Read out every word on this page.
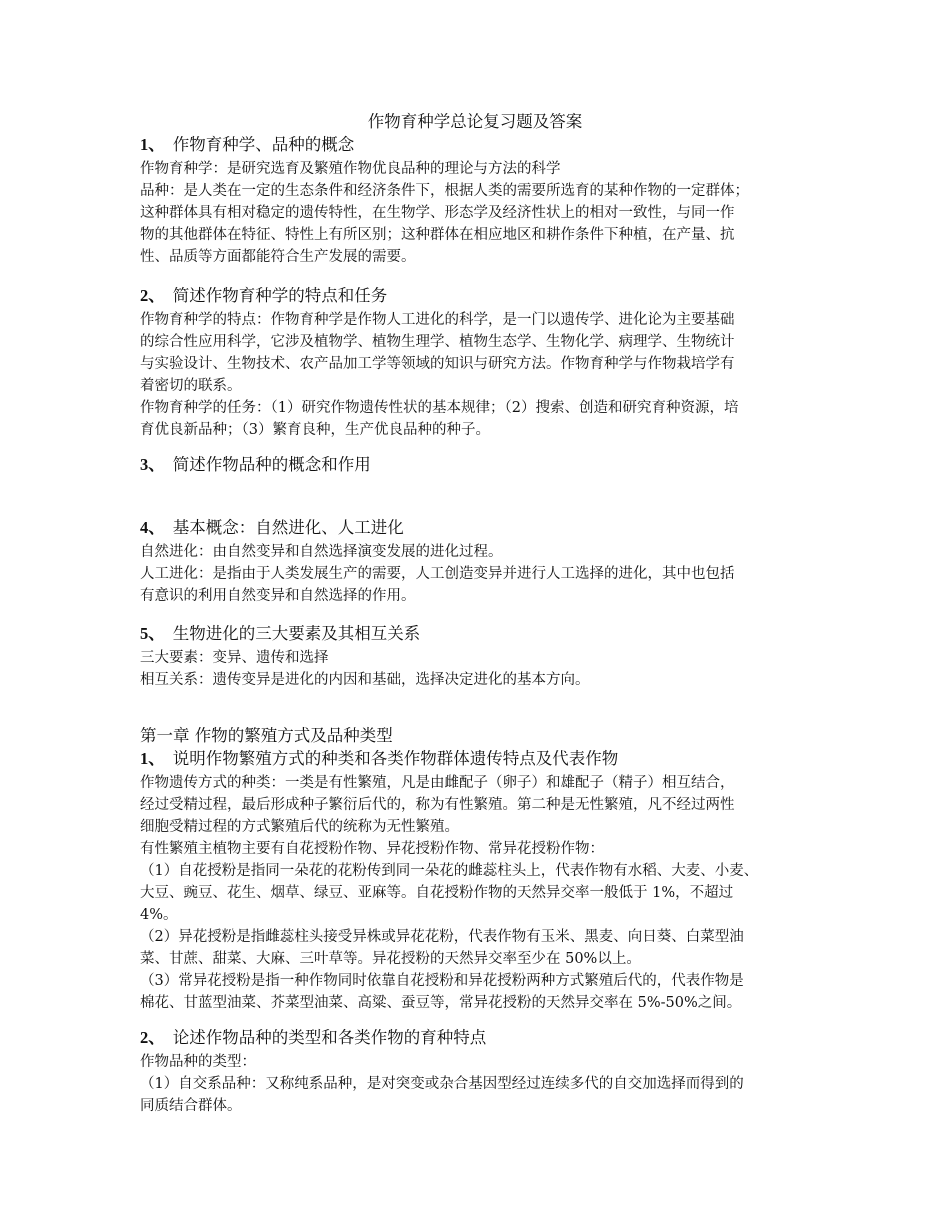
作物育种学总论复习题及答案
1、 作物育种学、品种的概念
作物育种学：是研究选育及繁殖作物优良品种的理论与方法的科学
品种：是人类在一定的生态条件和经济条件下，根据人类的需要所选育的某种作物的一定群体；
这种群体具有相对稳定的遗传特性，在生物学、形态学及经济性状上的相对一致性，与同一作
物的其他群体在特征、特性上有所区别；这种群体在相应地区和耕作条件下种植，在产量、抗
性、品质等方面都能符合生产发展的需要。
2、 简述作物育种学的特点和任务
作物育种学的特点：作物育种学是作物人工进化的科学，是一门以遗传学、进化论为主要基础
的综合性应用科学，它涉及植物学、植物生理学、植物生态学、生物化学、病理学、生物统计
与实验设计、生物技术、农产品加工学等领域的知识与研究方法。作物育种学与作物栽培学有
着密切的联系。
作物育种学的任务：（1）研究作物遗传性状的基本规律；（2）搜索、创造和研究育种资源，培
育优良新品种；（3）繁育良种，生产优良品种的种子。
3、 简述作物品种的概念和作用
4、 基本概念：自然进化、人工进化
自然进化：由自然变异和自然选择演变发展的进化过程。
人工进化：是指由于人类发展生产的需要，人工创造变异并进行人工选择的进化，其中也包括
有意识的利用自然变异和自然选择的作用。
5、 生物进化的三大要素及其相互关系
三大要素：变异、遗传和选择
相互关系：遗传变异是进化的内因和基础，选择决定进化的基本方向。
第一章 作物的繁殖方式及品种类型
1、 说明作物繁殖方式的种类和各类作物群体遗传特点及代表作物
作物遗传方式的种类：一类是有性繁殖，凡是由雌配子（卵子）和雄配子（精子）相互结合，
经过受精过程，最后形成种子繁衍后代的，称为有性繁殖。第二种是无性繁殖，凡不经过两性
细胞受精过程的方式繁殖后代的统称为无性繁殖。
有性繁殖主植物主要有自花授粉作物、异花授粉作物、常异花授粉作物：
（1）自花授粉是指同一朵花的花粉传到同一朵花的雌蕊柱头上，代表作物有水稻、大麦、小麦、
大豆、豌豆、花生、烟草、绿豆、亚麻等。自花授粉作物的天然异交率一般低于 1%，不超过
4%。
（2）异花授粉是指雌蕊柱头接受异株或异花花粉，代表作物有玉米、黑麦、向日葵、白菜型油
菜、甘蔗、甜菜、大麻、三叶草等。异花授粉的天然异交率至少在 50%以上。
（3）常异花授粉是指一种作物同时依靠自花授粉和异花授粉两种方式繁殖后代的，代表作物是
棉花、甘蓝型油菜、芥菜型油菜、高粱、蚕豆等，常异花授粉的天然异交率在 5%-50%之间。
2、 论述作物品种的类型和各类作物的育种特点
作物品种的类型：
（1）自交系品种：又称纯系品种，是对突变或杂合基因型经过连续多代的自交加选择而得到的
同质结合群体。
